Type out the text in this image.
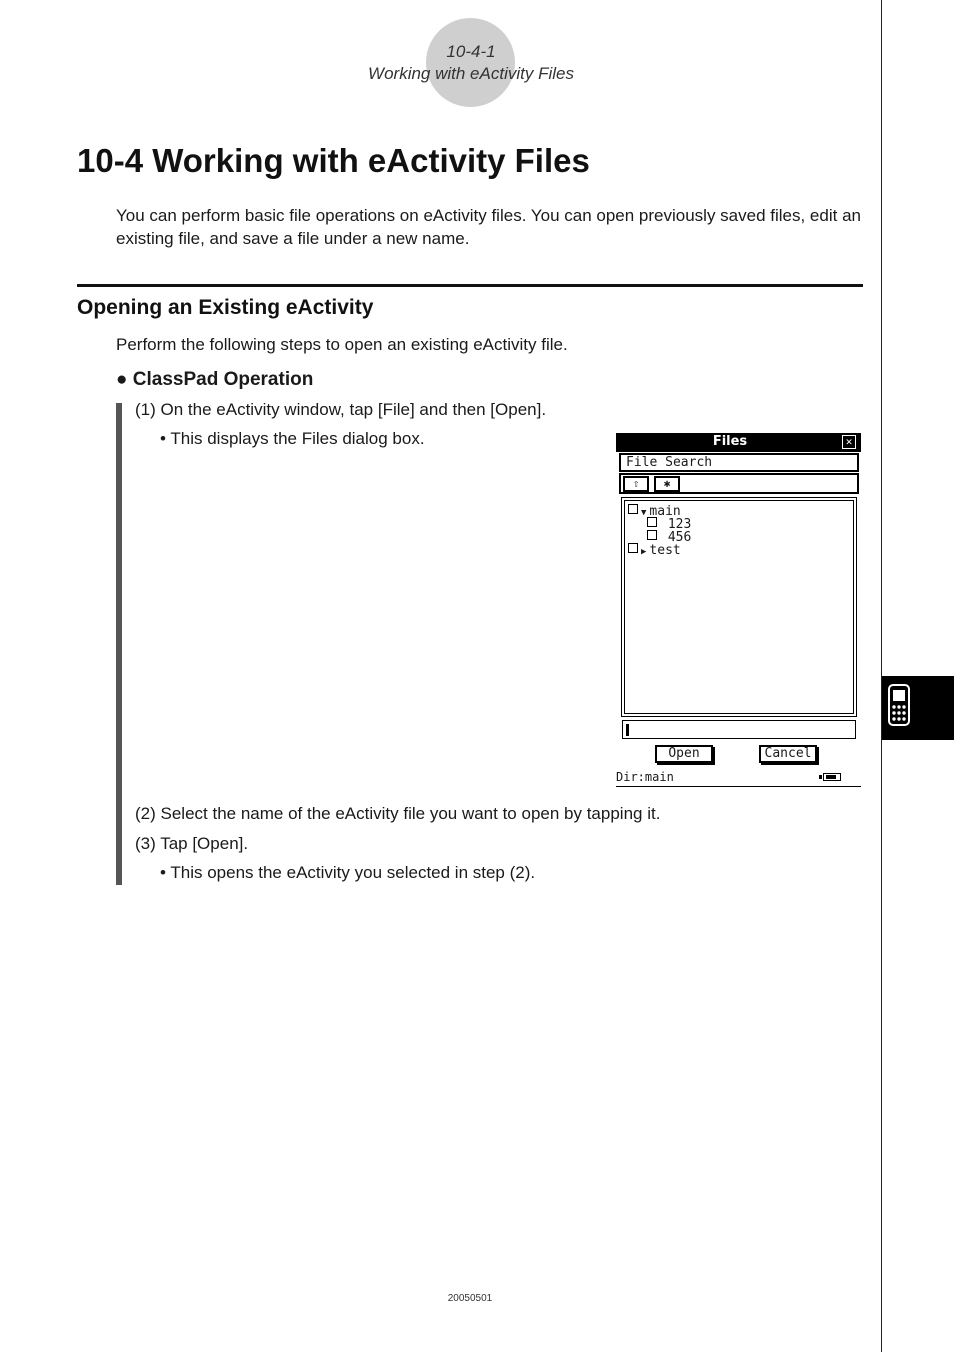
10-4-1
Working with eActivity Files
10-4 Working with eActivity Files
You can perform basic file operations on eActivity files. You can open previously saved files, edit an existing file, and save a file under a new name.
Opening an Existing eActivity
Perform the following steps to open an existing eActivity file.
● ClassPad Operation
(1) On the eActivity window, tap [File] and then [Open].
• This displays the Files dialog box.
(2) Select the name of the eActivity file you want to open by tapping it.
(3) Tap [Open].
• This opens the eActivity you selected in step (2).
Files	✕
File Search
⇧	✱
▼ main
123
456
▶ test
Open	Cancel
Dir:main
20050501
